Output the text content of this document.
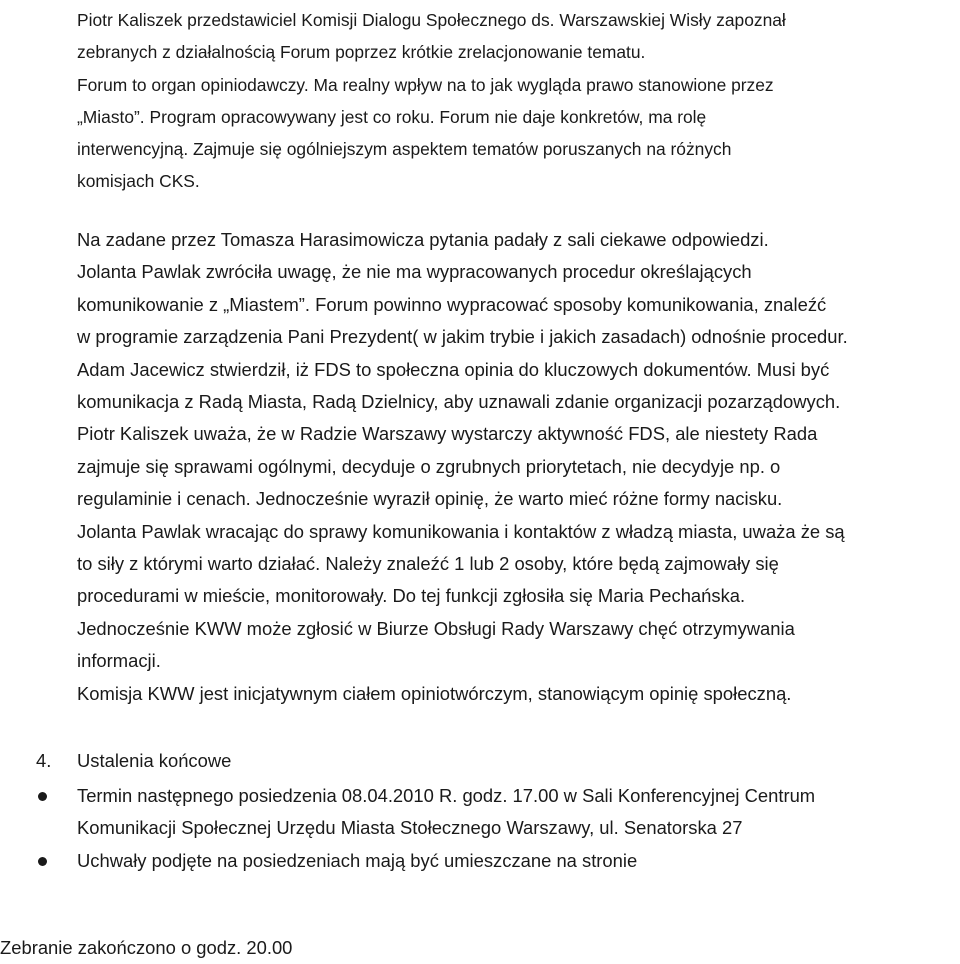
Piotr Kaliszek przedstawiciel Komisji Dialogu Społecznego ds. Warszawskiej Wisły zapoznał
zebranych z działalnością Forum poprzez krótkie zrelacjonowanie tematu.
Forum to organ opiniodawczy. Ma realny wpływ na to jak wygląda prawo stanowione przez
„Miasto”. Program opracowywany jest co roku. Forum nie daje konkretów, ma rolę
interwencyjną. Zajmuje się ogólniejszym aspektem tematów poruszanych na różnych
komisjach CKS.
Na zadane przez Tomasza Harasimowicza pytania padały z sali ciekawe odpowiedzi.
Jolanta Pawlak zwróciła uwagę, że nie ma wypracowanych procedur określających
komunikowanie z „Miastem”. Forum powinno wypracować sposoby komunikowania, znaleźć
w programie zarządzenia Pani Prezydent( w jakim trybie i jakich zasadach) odnośnie procedur.
Adam Jacewicz stwierdził, iż FDS to społeczna opinia do kluczowych dokumentów. Musi być
komunikacja z Radą Miasta, Radą Dzielnicy, aby uznawali zdanie organizacji pozarządowych.
Piotr Kaliszek uważa, że w Radzie Warszawy wystarczy aktywność FDS, ale niestety Rada
zajmuje się sprawami ogólnymi, decyduje o zgrubnych priorytetach, nie decydyje np. o
regulaminie i cenach. Jednocześnie wyraził opinię, że warto mieć różne formy nacisku.
Jolanta Pawlak wracając do sprawy komunikowania i kontaktów z władzą miasta, uważa że są
to siły z którymi warto działać. Należy znaleźć 1 lub 2 osoby, które będą zajmowały się
procedurami w mieście, monitorowały. Do tej funkcji zgłosiła się Maria Pechańska.
Jednocześnie KWW może zgłosić w Biurze Obsługi Rady Warszawy chęć otrzymywania
informacji.
Komisja KWW jest inicjatywnym ciałem opiniotwórczym, stanowiącym opinię społeczną.
4.	Ustalenia końcowe
Termin następnego posiedzenia 08.04.2010 R. godz. 17.00 w Sali Konferencyjnej Centrum
Komunikacji Społecznej Urzędu Miasta Stołecznego Warszawy, ul. Senatorska 27
Uchwały podjęte na posiedzeniach mają być umieszczane na stronie
Zebranie zakończono o godz. 20.00
